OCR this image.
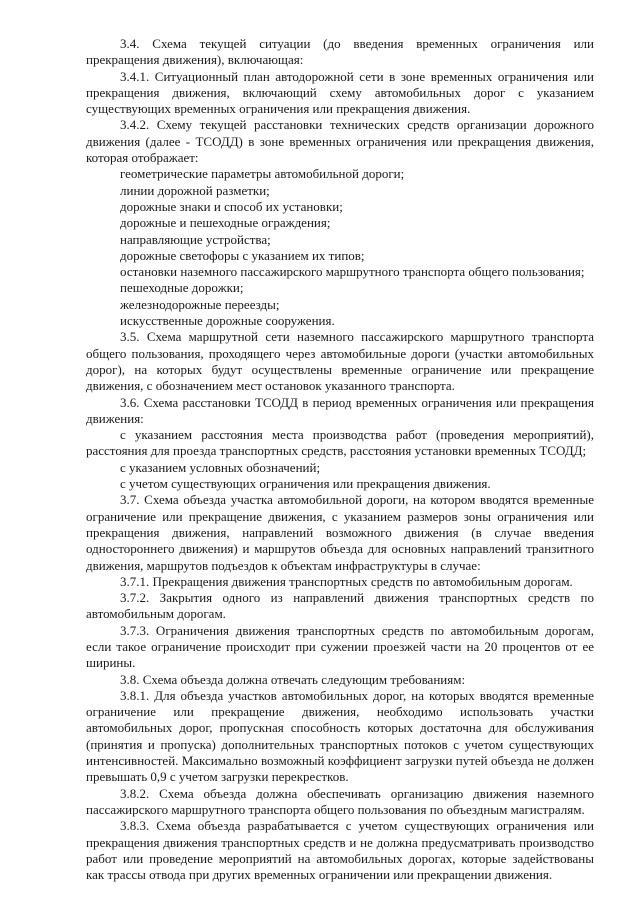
3.4. Схема текущей ситуации (до введения временных ограничения или прекращения движения), включающая:

3.4.1. Ситуационный план автодорожной сети в зоне временных ограничения или прекращения движения, включающий схему автомобильных дорог с указанием существующих временных ограничения или прекращения движения.

3.4.2. Схему текущей расстановки технических средств организации дорожного движения (далее - ТСОДД) в зоне временных ограничения или прекращения движения, которая отображает:

геометрические параметры автомобильной дороги;

линии дорожной разметки;

дорожные знаки и способ их установки;

дорожные и пешеходные ограждения;

направляющие устройства;

дорожные светофоры с указанием их типов;

остановки наземного пассажирского маршрутного транспорта общего пользования;

пешеходные дорожки;

железнодорожные переезды;

искусственные дорожные сооружения.

3.5. Схема маршрутной сети наземного пассажирского маршрутного транспорта общего пользования, проходящего через автомобильные дороги (участки автомобильных дорог), на которых будут осуществлены временные ограничение или прекращение движения, с обозначением мест остановок указанного транспорта.

3.6. Схема расстановки ТСОДД в период временных ограничения или прекращения движения:

с указанием расстояния места производства работ (проведения мероприятий), расстояния для проезда транспортных средств, расстояния установки временных ТСОДД;

с указанием условных обозначений;

с учетом существующих ограничения или прекращения движения.

3.7. Схема объезда участка автомобильной дороги, на котором вводятся временные ограничение или прекращение движения, с указанием размеров зоны ограничения или прекращения движения, направлений возможного движения (в случае введения одностороннего движения) и маршрутов объезда для основных направлений транзитного движения, маршрутов подъездов к объектам инфраструктуры в случае:

3.7.1. Прекращения движения транспортных средств по автомобильным дорогам.

3.7.2. Закрытия одного из направлений движения транспортных средств по автомобильным дорогам.

3.7.3. Ограничения движения транспортных средств по автомобильным дорогам, если такое ограничение происходит при сужении проезжей части на 20 процентов от ее ширины.

3.8. Схема объезда должна отвечать следующим требованиям:

3.8.1. Для объезда участков автомобильных дорог, на которых вводятся временные ограничение или прекращение движения, необходимо использовать участки автомобильных дорог, пропускная способность которых достаточна для обслуживания (принятия и пропуска) дополнительных транспортных потоков с учетом существующих интенсивностей. Максимально возможный коэффициент загрузки путей объезда не должен превышать 0,9 с учетом загрузки перекрестков.

3.8.2. Схема объезда должна обеспечивать организацию движения наземного пассажирского маршрутного транспорта общего пользования по объездным магистралям.

3.8.3. Схема объезда разрабатывается с учетом существующих ограничения или прекращения движения транспортных средств и не должна предусматривать производство работ или проведение мероприятий на автомобильных дорогах, которые задействованы как трассы отвода при других временных ограничении или прекращении движения.
